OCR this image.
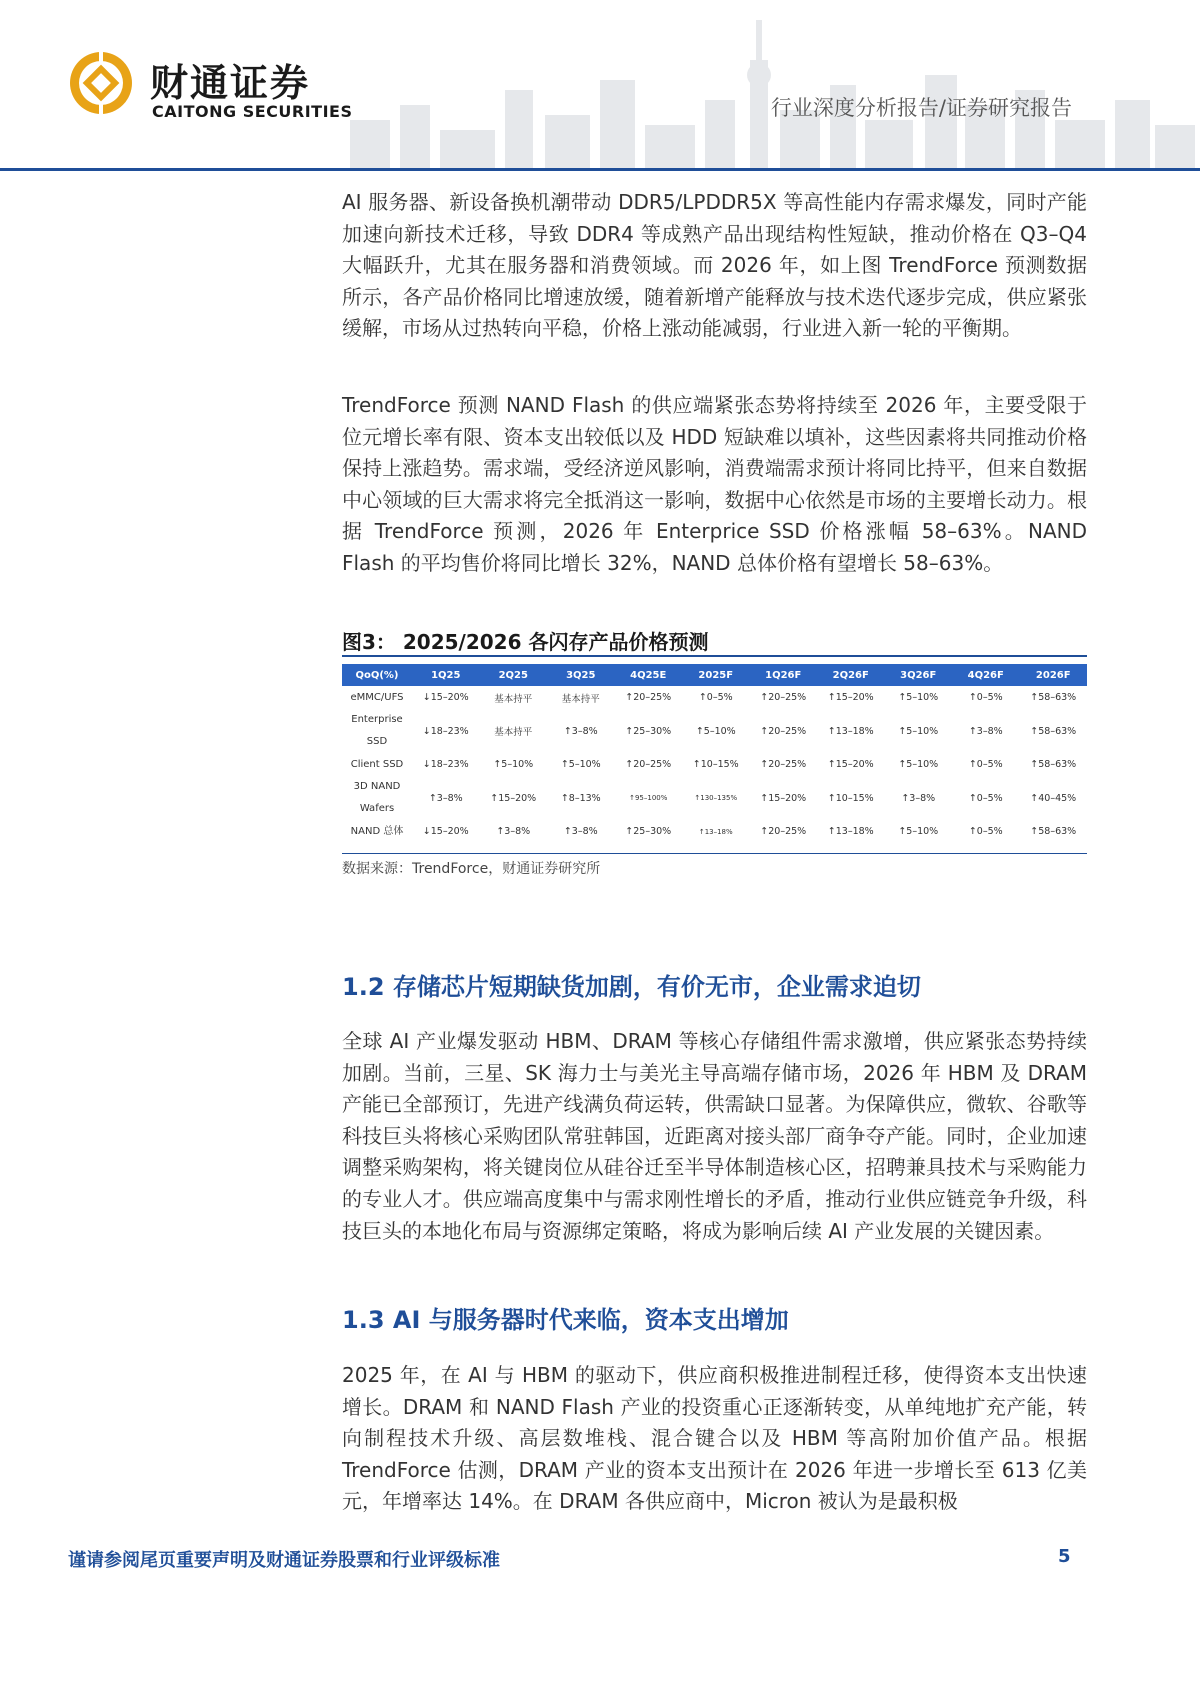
财通证券
CAITONG SECURITIES	行业深度分析报告/证券研究报告

AI 服务器、新设备换机潮带动 DDR5/LPDDR5X 等高性能内存需求爆发，同时产能加速向新技术迁移，导致 DDR4 等成熟产品出现结构性短缺，推动价格在 Q3–Q4 大幅跃升，尤其在服务器和消费领域。而 2026 年，如上图 TrendForce 预测数据所示，各产品价格同比增速放缓，随着新增产能释放与技术迭代逐步完成，供应紧张缓解，市场从过热转向平稳，价格上涨动能减弱，行业进入新一轮的平衡期。

TrendForce 预测 NAND Flash 的供应端紧张态势将持续至 2026 年，主要受限于位元增长率有限、资本支出较低以及 HDD 短缺难以填补，这些因素将共同推动价格保持上涨趋势。需求端，受经济逆风影响，消费端需求预计将同比持平，但来自数据中心领域的巨大需求将完全抵消这一影响，数据中心依然是市场的主要增长动力。根据 TrendForce 预测，2026 年 Enterprice SSD 价格涨幅 58–63%。NAND Flash 的平均售价将同比增长 32%，NAND 总体价格有望增长 58–63%。

图3： 2025/2026 各闪存产品价格预测
QoQ(%)	1Q25	2Q25	3Q25	4Q25E	2025F	1Q26F	2Q26F	3Q26F	4Q26F	2026F
eMMC/UFS	↓15–20%	基本持平	基本持平	↑20–25%	↑0–5%	↑20–25%	↑15–20%	↑5–10%	↑0–5%	↑58–63%
Enterprise SSD	↓18–23%	基本持平	↑3–8%	↑25–30%	↑5–10%	↑20–25%	↑13–18%	↑5–10%	↑3–8%	↑58–63%
Client SSD	↓18–23%	↑5–10%	↑5–10%	↑20–25%	↑10–15%	↑20–25%	↑15–20%	↑5–10%	↑0–5%	↑58–63%
3D NAND Wafers	↑3–8%	↑15–20%	↑8–13%	↑95–100%	↑130–135%	↑15–20%	↑10–15%	↑3–8%	↑0–5%	↑40–45%
NAND 总体	↓15–20%	↑3–8%	↑3–8%	↑25–30%	↑13–18%	↑20–25%	↑13–18%	↑5–10%	↑0–5%	↑58–63%
数据来源：TrendForce，财通证券研究所
1.2 存储芯片短期缺货加剧，有价无市，企业需求迫切

全球 AI 产业爆发驱动 HBM、DRAM 等核心存储组件需求激增，供应紧张态势持续加剧。当前，三星、SK 海力士与美光主导高端存储市场，2026 年 HBM 及 DRAM 产能已全部预订，先进产线满负荷运转，供需缺口显著。为保障供应，微软、谷歌等科技巨头将核心采购团队常驻韩国，近距离对接头部厂商争夺产能。同时，企业加速调整采购架构，将关键岗位从硅谷迁至半导体制造核心区，招聘兼具技术与采购能力的专业人才。供应端高度集中与需求刚性增长的矛盾，推动行业供应链竞争升级，科技巨头的本地化布局与资源绑定策略，将成为影响后续 AI 产业发展的关键因素。

1.3 AI 与服务器时代来临，资本支出增加

2025 年，在 AI 与 HBM 的驱动下，供应商积极推进制程迁移，使得资本支出快速增长。DRAM 和 NAND Flash 产业的投资重心正逐渐转变，从单纯地扩充产能，转向制程技术升级、高层数堆栈、混合键合以及 HBM 等高附加价值产品。根据 TrendForce 估测，DRAM 产业的资本支出预计在 2026 年进一步增长至 613 亿美元，年增率达 14%。在 DRAM 各供应商中，Micron 被认为是最积极

谨请参阅尾页重要声明及财通证券股票和行业评级标准	5
